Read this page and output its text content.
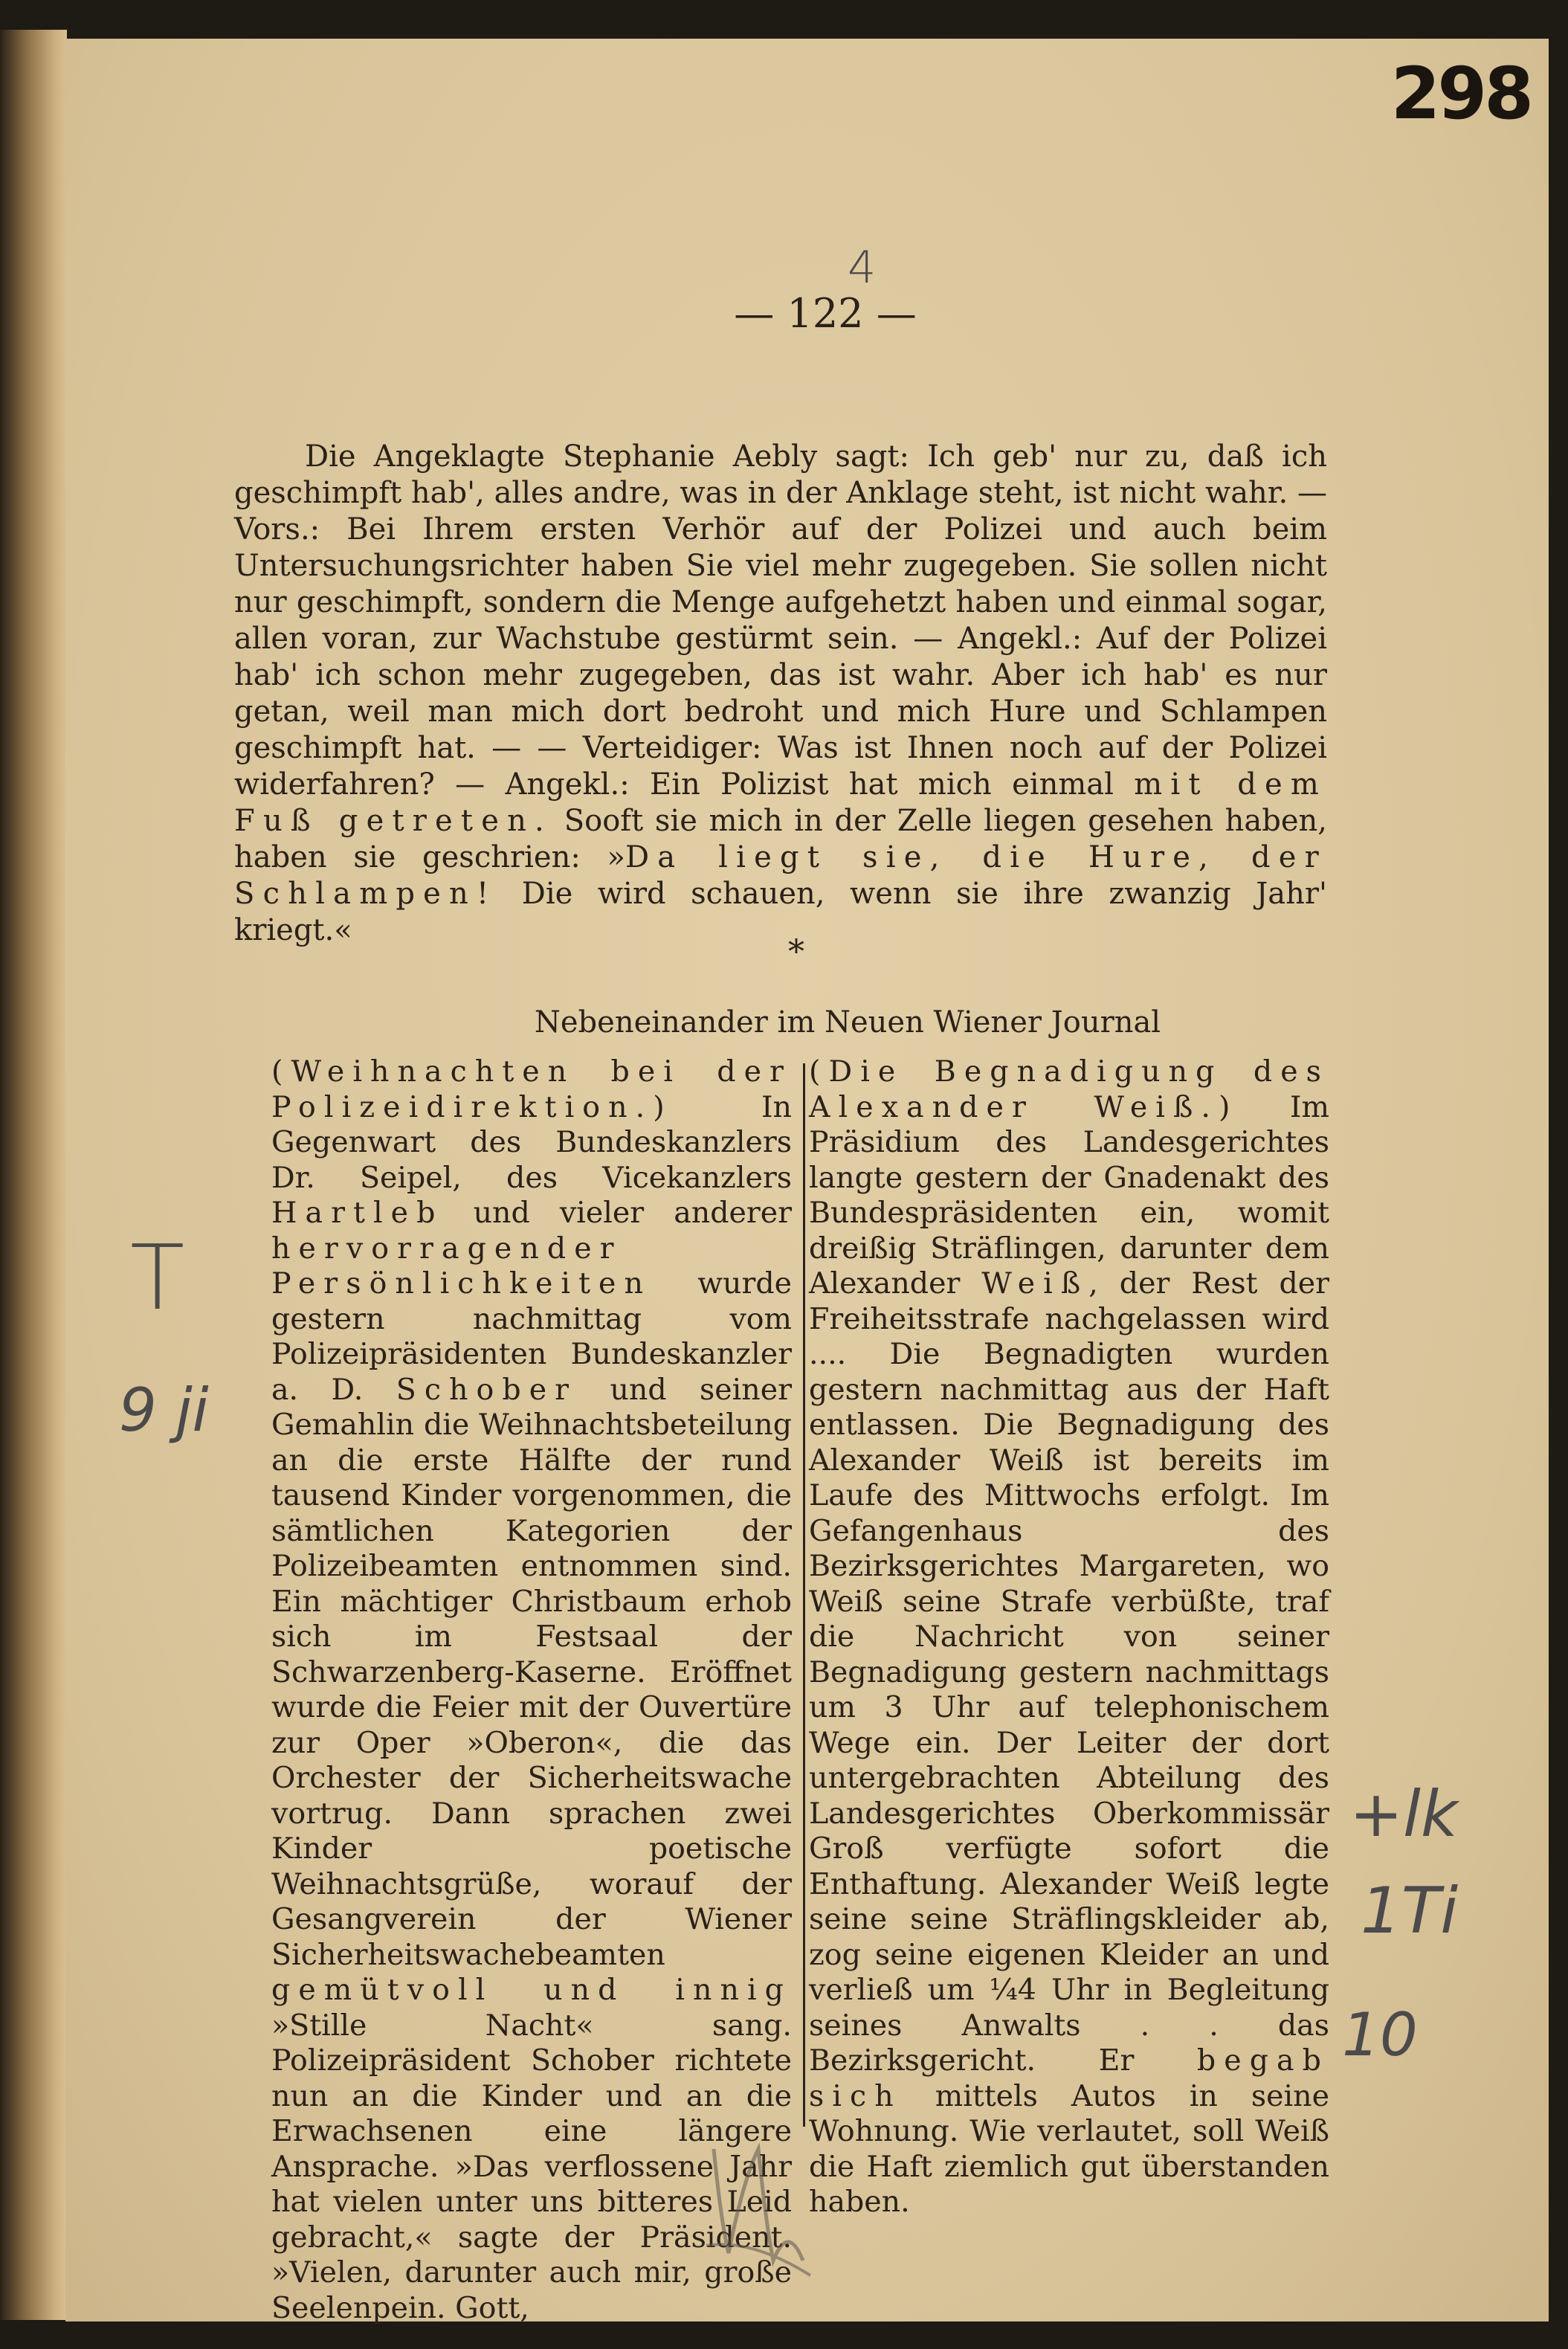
298
4
— 122 —
Die Angeklagte Stephanie Aebly sagt: Ich geb' nur zu, daß ich geschimpft hab', alles andre, was in der Anklage steht, ist nicht wahr. — Vors.: Bei Ihrem ersten Verhör auf der Polizei und auch beim Untersuchungsrichter haben Sie viel mehr zugegeben. Sie sollen nicht nur geschimpft, sondern die Menge aufgehetzt haben und einmal sogar, allen voran, zur Wachstube gestürmt sein. — Angekl.: Auf der Polizei hab' ich schon mehr zugegeben, das ist wahr. Aber ich hab' es nur getan, weil man mich dort bedroht und mich Hure und Schlampen geschimpft hat. — — Verteidiger: Was ist Ihnen noch auf der Polizei widerfahren? — Angekl.: Ein Polizist hat mich einmal mit dem Fuß getreten. Sooft sie mich in der Zelle liegen gesehen haben, haben sie geschrien: »Da liegt sie, die Hure, der Schlampen! Die wird schauen, wenn sie ihre zwanzig Jahr' kriegt.«
*
Nebeneinander im Neuen Wiener Journal
(Weihnachten bei der Polizeidirektion.) In Gegenwart des Bundeskanzlers Dr. Seipel, des Vicekanzlers Hartleb und vieler anderer hervorragender Persönlichkeiten wurde gestern nachmittag vom Polizeipräsidenten Bundeskanzler a. D. Schober und seiner Gemahlin die Weihnachtsbeteilung an die erste Hälfte der rund tausend Kinder vorgenommen, die sämtlichen Kategorien der Polizeibeamten entnommen sind. Ein mächtiger Christbaum erhob sich im Festsaal der Schwarzenberg-Kaserne. Eröffnet wurde die Feier mit der Ouvertüre zur Oper »Oberon«, die das Orchester der Sicherheitswache vortrug. Dann sprachen zwei Kinder poetische Weihnachtsgrüße, worauf der Gesangverein der Wiener Sicherheitswachebeamten gemütvoll und innig »Stille Nacht« sang. Polizeipräsident Schober richtete nun an die Kinder und an die Erwachsenen eine längere Ansprache. »Das verflossene Jahr hat vielen unter uns bitteres Leid gebracht,« sagte der Präsident. »Vielen, darunter auch mir, große Seelenpein. Gott,
(Die Begnadigung des Alexander Weiß.) Im Präsidium des Landesgerichtes langte gestern der Gnadenakt des Bundespräsidenten ein, womit dreißig Sträflingen, darunter dem Alexander Weiß, der Rest der Freiheitsstrafe nachgelassen wird .... Die Begnadigten wurden gestern nachmittag aus der Haft entlassen. Die Begnadigung des Alexander Weiß ist bereits im Laufe des Mittwochs erfolgt. Im Gefangenhaus des Bezirksgerichtes Margareten, wo Weiß seine Strafe verbüßte, traf die Nachricht von seiner Begnadigung gestern nachmittags um 3 Uhr auf telephonischem Wege ein. Der Leiter der dort untergebrachten Abteilung des Landesgerichtes Oberkommissär Groß verfügte sofort die Enthaftung. Alexander Weiß legte seine seine Sträflingskleider ab, zog seine eigenen Kleider an und verließ um ¼4 Uhr in Begleitung seines Anwalts . . das Bezirksgericht. Er begab sich mittels Autos in seine Wohnung. Wie verlautet, soll Weiß die Haft ziemlich gut überstanden haben.
T
9 ji
+lk
1Ti
10
